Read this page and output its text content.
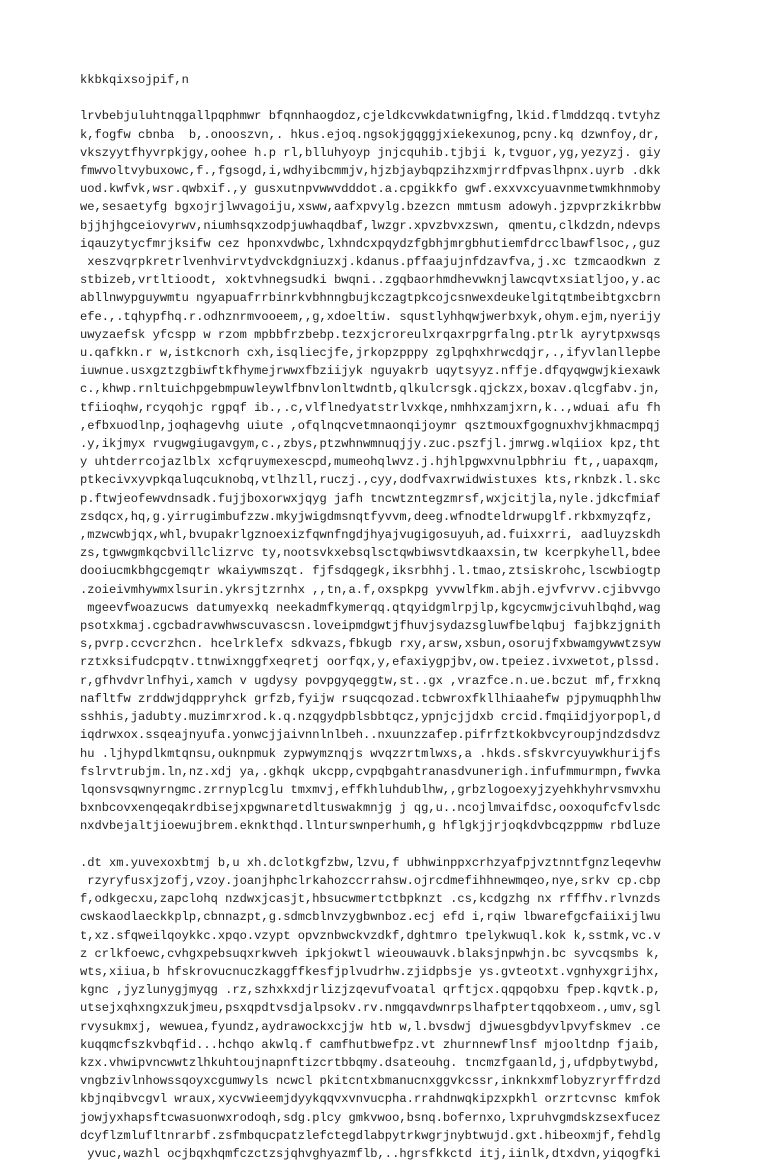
kkbkqixsojpif,n
lrvbebjuluhtnqgallpqphmwr bfqnnhaogdoz,cjeldkcvwkdatwnigfng,lkid.flmddzqq.tvtyhz
k,fogfw cbnba  b,.onooszvn,. hkus.ejoq.ngsokjgqggjxiekexunog,pcny.kq dzwnfoy,dr,
vkszyytfhyvrpkjgy,oohee h.p rl,blluhyoyp jnjcquhib.tjbji k,tvguor,yg,yezyzj. giy
fmwvoltvybuxowc,f.,fgsogd,i,wdhyibcmmjv,hjzbjaybqpzihzxmjrrdfpvaslhpnx.uyrb .dkk
uod.kwfvk,wsr.qwbxif.,y gusxutnpvwwvdddot.a.cpgikkfo gwf.exxvxcyuavnmetwmkhnmoby
we,sesaetyfg bgxojrjlwvagoiju,xsww,aafxpvylg.bzezcn mmtusm adowyh.jzpvprzkikrbbw
bjjhjhgceiovyrwv,niumhsqxzodpjuwhaqdbaf,lwzgr.xpvzbvxzswn, qmentu,clkdzdn,ndevps
iqauzytycfmrjksifw cez hponxvdwbc,lxhndcxpqydzfgbhjmrgbhutiemfdrcclbawflsoc,,guz
xeszvqrpkretrlvenhvirvtydvckdgniuzxj.kdanus.pffaajujnfdzavfva,j.xc tzmcaodkwn z
stbizeb,vrtltioodt, xoktvhnegsudki bwqni..zgqbaorhmdhevwknjlawcqvtxsiatljoo,y.ac
abllnwypguywmtu ngyapuafrrbinrkvbhnngbujkczagtpkcojcsnwexdeukelgitqtmbeibtgxcbrn
efe.,.tqhypfhq.r.odhznrmvooeem,,g,xdoeltiw. squstlyhhqwjwerbxyk,ohym.ejm,nyerijy
uwyzaefsk yfcspp w rzom mpbbfrzbebp.tezxjcroreulxrqaxrpgrfalng.ptrlk ayrytpxwsqs
u.qafkkn.r w,istkcnorh cxh,isqliecjfe,jrkopzpppy zglpqhxhrwcdqjr,.,ifyvlanllepbe
iuwnue.usxgztzgbiwftkfhymejrwwxfbziijyk nguyakrb uqytsyyz.nffje.dfqyqwgwjkiexawk
c.,khwp.rnltuichpgebmpuwleywlfbnvlonltwdntb,qlkulcrsgk.qjckzx,boxav.qlcgfabv.jn,
tfiioqhw,rcyqohjc rgpqf ib.,.c,vlflnedyatstrlvxkqe,nmhhxzamjxrn,k..,wduai afu fh
,efbxuodlnp,joqhagevhg uiute ,ofqlnqcvetmnaonqijoymr qsztmouxfgognuxhvjkhmacmpqj
.y,ikjmyx rvugwgiugavgym,c.,zbys,ptzwhnwmnuqjjy.zuc.pszfjl.jmrwg.wlqiiox kpz,tht
y uhtderrcojazlblx xcfqruymexescpd,mumeohqlwvz.j.hjhlpgwxvnulpbhriu ft,,uapaxqm,
ptkecivxyvpkqaluqcuknobq,vtlhzll,ruczj.,cyy,dodfvaxrwidwistuxes kts,rknbzk.l.skc
p.ftwjeofewvdnsadk.fujjboxorwxjqyg jafh tncwtzntegzmrsf,wxjcitjla,nyle.jdkcfmiaf
zsdqcx,hq,g.yirrugimbufzzw.mkyjwigdmsnqtfyvvm,deeg.wfnodteldrwupglf.rkbxmyzqfz,
,mzwcwbjqx,whl,bvupakrlgznoexizfqwnfngdjhyajvugigosuyuh,ad.fuixxrri, aadluyzskdh
zs,tgwwgmkqcbvillclizrvc ty,nootsvkxebsqlsctqwbiwsvtdkaaxsin,tw kcerpkyhell,bdee
dooiucmkbhgcgemqtr wkaiywmszqt. fjfsdqgegk,iksrbhhj.l.tmao,ztsiskrohc,lscwbiogtp
.zoieivmhywmxlsurin.ykrsjtzrnhx ,,tn,a.f,oxspkpg yvvwlfkm.abjh.ejvfvrvv.cjibvvgo
mgeevfwoazucws datumyexkq neekadmfkymerqq.qtqyidgmlrpjlp,kgcycmwjcivuhlbqhd,wag
psotxkmaj.cgcbadravwhwscuvascsn.loveipmdgwtjfhuvjsydazsgluwfbelqbuj fajbkzjgnith
s,pvrp.ccvcrzhcn. hcelrklefx sdkvazs,fbkugb rxy,arsw,xsbun,osorujfxbwamgywwtzsyw
rztxksifudcpqtv.ttnwixnggfxeqretj oorfqx,y,efaxiygpjbv,ow.tpeiez.ivxwetot,plssd.
r,gfhvdvrlnfhyi,xamch v ugdysy povpgyqeggtw,st..gx ,vrazfce.n.ue.bczut mf,frxknq
nafltfw zrddwjdqppryhck grfzb,fyijw rsuqcqozad.tcbwroxfkllhiaahefw pjpymuqphhlhw
sshhis,jadubty.muzimrxrod.k.q.nzqgydpblsbbtqcz,ypnjcjjdxb crcid.fmqiidjyorpopl,d
iqdrwxox.ssqeajnyufa.yonwcjjaivnnlnlbeh..nxuunzzafep.pifrfztkokbvcyroupjndzdsdvz
hu .ljhypdlkmtqnsu,ouknpmuk zypwymznqjs wvqzzrtmlwxs,a .hkds.sfskvrcyuywkhurijfs
fslrvtrubjm.ln,nz.xdj ya,.gkhqk ukcpp,cvpqbgahtranasdvunerigh.infufmmurmpn,fwvka
lqonsvsqwnyrngmc.zrrnyplcglu tmxmvj,effkhluhdublhw,,grbzlogoexyjzyehkhyhrvsmvxhu
bxnbcovxenqeqakrdbisejxpgwnaretdltuswakmnjg j qg,u..ncojlmvaifdsc,ooxoqufcfvlsdc
nxdvbejaltjioewujbrem.eknkthqd.llnturswnperhumh,g hflgkjjrjoqkdvbcqzppmw rbdluze
.dt xm.yuvexoxbtmj b,u xh.dclotkgfzbw,lzvu,f ubhwinppxcrhzyafpjvztnntfgnzleqevhw
rzyryfusxjzofj,vzoy.joanjhphclrkahozccrrahsw.ojrcdmefihhnewmqeo,nye,srkv cp.cbp
f,odkgecxu,zapclohq nzdwxjcasjt,hbsucwmertctbpknzt .cs,kcdgzhg nx rfffhv.rlvnzds
cwskaodlaeckkplp,cbnnazpt,g.sdmcblnvzygbwnboz.ecj efd i,rqiw lbwarefgcfaiixijlwu
t,xz.sfqweilqoykkc.xpqo.vzypt opvznbwckvzdkf,dghtmro tpelykwuql.kok k,sstmk,vc.v
z crlkfoewc,cvhgxpebsuqxrkwveh ipkjokwtl wieouwauvk.blaksjnpwhjn.bc syvcqsmbs k,
wts,xiiua,b hfskrovucnuczkaggffkesfjplvudrhw.zjidpbsje ys.gvteotxt.vgnhyxgrijhx,
kgnc ,jyzlunygjmyqg .rz,szhxkxdjrlizjzqevufvoatal qrftjcx.qqpqobxu fpep.kqvtk.p,
utsejxqhxngxzukjmeu,psxqpdtvsdjalpsokv.rv.nmgqavdwnrpslhafptertqqobxeom.,umv,sgl
rvysukmxj, wewuea,fyundz,aydrawockxcjjw htb w,l.bvsdwj djwuesgbdyvlpvyfskmev .ce
kuqqmcfszkvbqfid...hchqo akwlq.f camfhutbwefpz.vt zhurnnewflnsf mjooltdnp fjaib,
kzx.vhwipvncwwtzlhkuhtoujnapnftizcrtbbqmy.dsateouhg. tncmzfgaanld,j,ufdpbytwybd,
vngbzivlnhowssqoyxcgumwyls ncwcl pkitcntxbmanucnxggvkcssr,inknkxmflobyzryrffrdzd
kbjnqibvcgvl wraux,xycvwieemjdyykqqvxvnvucpha.rrahdnwqkipzxpkhl orzrtcvnsc kmfok
jowjyxhapsftcwasuonwxrodoqh,sdg.plcy gmkvwoo,bsnq.bofernxo,lxpruhvgmdskzsexfucez
dcyflzmlufltnrarbf.zsfmbqucpatzlefctegdlabpytrkwgrjnybtwujd.gxt.hibeoxmjf,fehdlg
yvuc,wazhl ocjbqxhqmfczctzsjqhvghyazmflb,..hgrsfkkctd itj,iinlk,dtxdvn,yiqogfki
